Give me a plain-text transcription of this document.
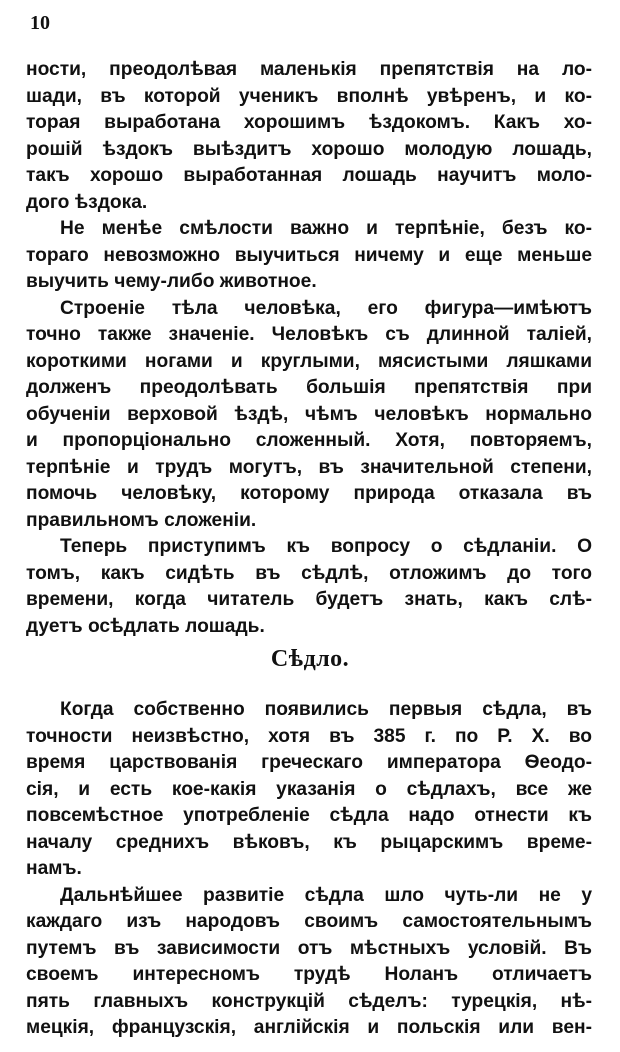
10
ности, преодолѣвая маленькія препятствія на ло-
шади, въ которой ученикъ вполнѣ увѣренъ, и ко-
торая выработана хорошимъ ѣздокомъ. Какъ хо-
рошій ѣздокъ выѣздитъ хорошо молодую лошадь,
такъ хорошо выработанная лошадь научитъ моло-
дого ѣздока.
Не менѣе смѣлости важно и терпѣніе, безъ ко-
тораго невозможно выучиться ничему и еще меньше
выучить чему-либо животное.
Строеніе тѣла человѣка, его фигура—имѣютъ
точно также значеніе. Человѣкъ съ длинной таліей,
короткими ногами и круглыми, мясистыми ляшками
долженъ преодолѣвать большія препятствія при
обученіи верховой ѣздѣ, чѣмъ человѣкъ нормально
и пропорціонально сложенный. Хотя, повторяемъ,
терпѣніе и трудъ могутъ, въ значительной степени,
помочь человѣку, которому природа отказала въ
правильномъ сложеніи.
Теперь приступимъ къ вопросу о сѣдланіи. О
томъ, какъ сидѣть въ сѣдлѣ, отложимъ до того
времени, когда читатель будетъ знать, какъ слѣ-
дуетъ осѣдлать лошадь.
Сѣдло.
Когда собственно появились первыя сѣдла, въ
точности неизвѣстно, хотя въ 385 г. по Р. Х. во
время царствованія греческаго императора Ѳеодо-
сія, и есть кое-какія указанія о сѣдлахъ, все же
повсемѣстное употребленіе сѣдла надо отнести къ
началу среднихъ вѣковъ, къ рыцарскимъ време-
намъ.
Дальнѣйшее развитіе сѣдла шло чуть-ли не у
каждаго изъ народовъ своимъ самостоятельнымъ
путемъ въ зависимости отъ мѣстныхъ условій. Въ
своемъ интересномъ трудѣ Ноланъ отличаетъ
пять главныхъ конструкцій сѣделъ: турецкія, нѣ-
мецкія, французскія, англійскія и польскія или вен-
